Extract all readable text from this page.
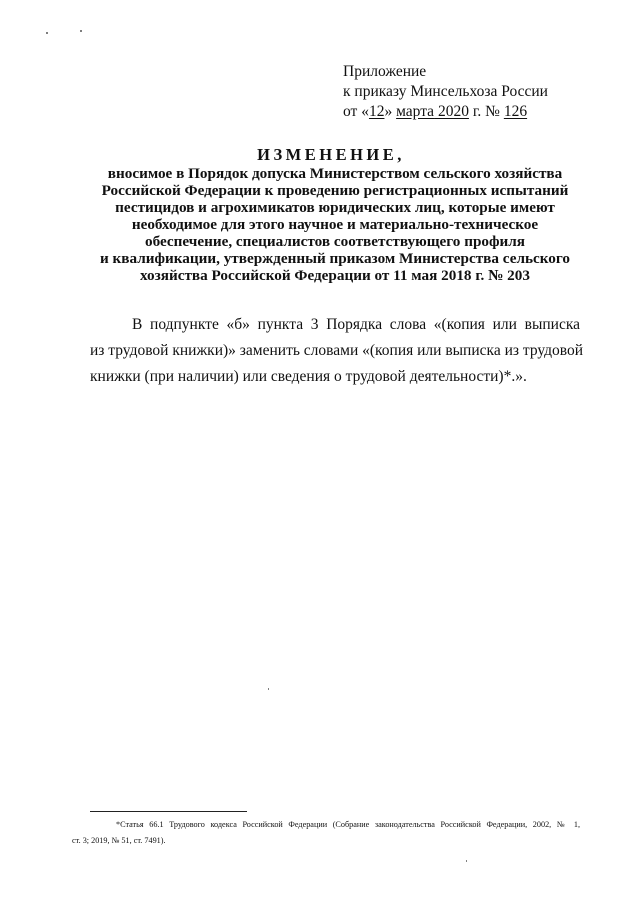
Приложение
к приказу Минсельхоза России
от «12» марта 2020 г. № 126
ИЗМЕНЕНИЕ,
вносимое в Порядок допуска Министерством сельского хозяйства
Российской Федерации к проведению регистрационных испытаний
пестицидов и агрохимикатов юридических лиц, которые имеют
необходимое для этого научное и материально-техническое
обеспечение, специалистов соответствующего профиля
и квалификации, утвержденный приказом Министерства сельского
хозяйства Российской Федерации от 11 мая 2018 г. № 203
В подпункте «б» пункта 3 Порядка слова «(копия или выписка
из трудовой книжки)» заменить словами «(копия или выписка из трудовой
книжки (при наличии) или сведения о трудовой деятельности)*.».
*Статья 66.1 Трудового кодекса Российской Федерации (Собрание законодательства Российской Федерации, 2002, № 1,
ст. 3; 2019, № 51, ст. 7491).
